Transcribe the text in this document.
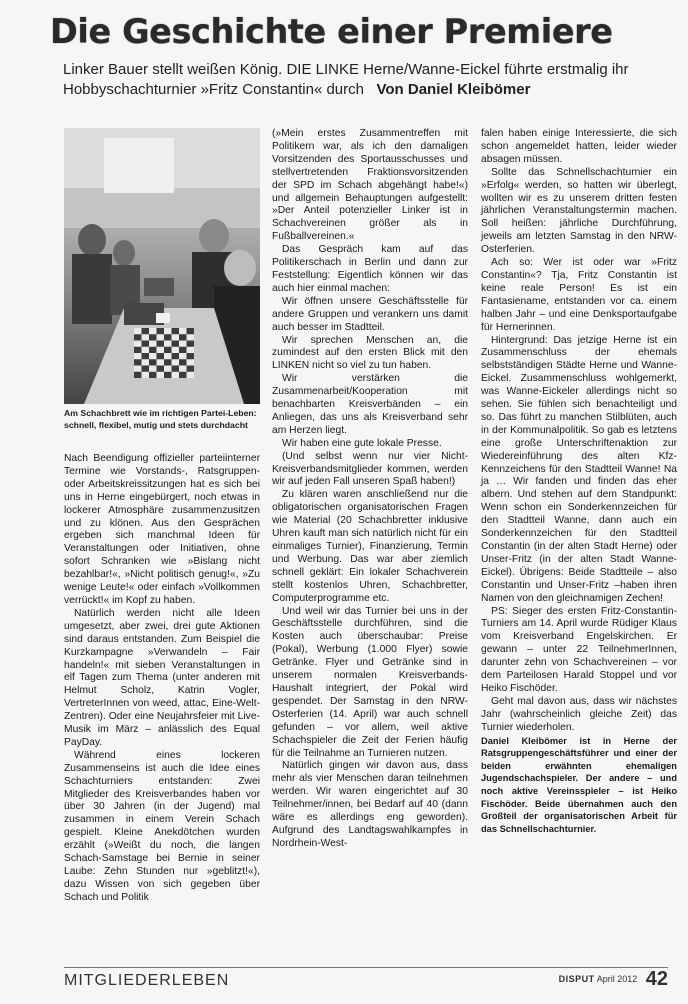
Die Geschichte einer Premiere
Linker Bauer stellt weißen König. DIE LINKE Herne/Wanne-Eickel führte erstmalig ihr
Hobbyschachturnier »Fritz Constantin« durch Von Daniel Kleibömer
© DIE LINKE Herne/Wanne-Eickel
Am Schachbrett wie im richtigen Partei-Leben: schnell, flexibel, mutig und stets durchdacht

Nach Beendigung offizieller parteiinterner Termine wie Vorstands-, Ratsgruppen- oder Arbeitskreissitzungen hat es sich bei uns in Herne eingebürgert, noch etwas in lockerer Atmosphäre zusammenzusitzen und zu klönen. Aus den Gesprächen ergeben sich manchmal Ideen für Veranstaltungen oder Initiativen, ohne sofort Schranken wie »Bislang nicht bezahlbar!«, »Nicht politisch genug!«, »Zu wenige Leute!« oder einfach »Vollkommen verrückt!« im Kopf zu haben.

Natürlich werden nicht alle Ideen umgesetzt, aber zwei, drei gute Aktionen sind daraus entstanden. Zum Beispiel die Kurzkampagne »Verwandeln – Fair handeln!« mit sieben Veranstaltungen in elf Tagen zum Thema (unter anderen mit Helmut Scholz, Katrin Vogler, VertreterInnen von weed, attac, Eine-Welt-Zentren). Oder eine Neujahrsfeier mit Live-Musik im März – anlässlich des Equal PayDay.

Während eines lockeren Zusammenseins ist auch die Idee eines Schachturniers entstanden: Zwei Mitglieder des Kreisverbandes haben vor über 30 Jahren (in der Jugend) mal zusammen in einem Verein Schach gespielt. Kleine Anekdötchen wurden erzählt (»Weißt du noch, die langen Schach-Samstage bei Bernie in seiner Laube: Zehn Stunden nur »geblitzt!«), dazu Wissen von sich gegeben über Schach und Politik

(»Mein erstes Zusammentreffen mit Politikern war, als ich den damaligen Vorsitzenden des Sportausschusses und stellvertretenden Fraktionsvorsitzenden der SPD im Schach abgehängt habe!«) und allgemein Behauptungen aufgestellt: »Der Anteil potenzieller Linker ist in Schachvereinen größer als in Fußballvereinen.«

Das Gespräch kam auf das Politikerschach in Berlin und dann zur Feststellung: Eigentlich können wir das auch hier einmal machen:

Wir öffnen unsere Geschäftsstelle für andere Gruppen und verankern uns damit auch besser im Stadtteil.

Wir sprechen Menschen an, die zumindest auf den ersten Blick mit den LINKEN nicht so viel zu tun haben.

Wir verstärken die Zusammenarbeit/Kooperation mit benachbarten Kreisverbänden – ein Anliegen, das uns als Kreisverband sehr am Herzen liegt.

Wir haben eine gute lokale Presse.

(Und selbst wenn nur vier Nicht-Kreisverbandsmitglieder kommen, werden wir auf jeden Fall unseren Spaß haben!)

Zu klären waren anschließend nur die obligatorischen organisatorischen Fragen wie Material (20 Schachbretter inklusive Uhren kauft man sich natürlich nicht für ein einmaliges Turnier), Finanzierung, Termin und Werbung. Das war aber ziemlich schnell geklärt: Ein lokaler Schachverein stellt kostenlos Uhren, Schachbretter, Computerprogramme etc.

Und weil wir das Turnier bei uns in der Geschäftsstelle durchführen, sind die Kosten auch überschaubar: Preise (Pokal), Werbung (1.000 Flyer) sowie Getränke. Flyer und Getränke sind in unserem normalen Kreisverbands-Haushalt integriert, der Pokal wird gespendet. Der Samstag in den NRW-Osterferien (14. April) war auch schnell gefunden – vor allem, weil aktive Schachspieler die Zeit der Ferien häufig für die Teilnahme an Turnieren nutzen.

Natürlich gingen wir davon aus, dass mehr als vier Menschen daran teilnehmen werden. Wir waren eingerichtet auf 30 Teilnehmer/innen, bei Bedarf auf 40 (dann wäre es allerdings eng geworden). Aufgrund des Landtagswahlkampfes in Nordrhein-West-

falen haben einige Interessierte, die sich schon angemeldet hatten, leider wieder absagen müssen.

Sollte das Schnellschachturnier ein »Erfolg« werden, so hatten wir überlegt, wollten wir es zu unserem dritten festen jährlichen Veranstaltungstermin machen. Soll heißen: jährliche Durchführung, jeweils am letzten Samstag in den NRW-Osterferien.

Ach so: Wer ist oder war »Fritz Constantin«? Tja, Fritz Constantin ist keine reale Person! Es ist ein Fantasiename, entstanden vor ca. einem halben Jahr – und eine Denksportaufgabe für Hernerinnen.

Hintergrund: Das jetzige Herne ist ein Zusammenschluss der ehemals selbstständigen Städte Herne und Wanne-Eickel. Zusammenschluss wohlgemerkt, was Wanne-Eickeler allerdings nicht so sehen. Sie fühlen sich benachteiligt und so. Das führt zu manchen Stilblüten, auch in der Kommunalpolitik. So gab es letztens eine große Unterschriftenaktion zur Wiedereinführung des alten Kfz-Kennzeichens für den Stadtteil Wanne! Na ja … Wir fanden und finden das eher albern. Und stehen auf dem Standpunkt: Wenn schon ein Sonderkennzeichen für den Stadtteil Wanne, dann auch ein Sonderkennzeichen für den Stadtteil Constantin (in der alten Stadt Herne) oder Unser-Fritz (in der alten Stadt Wanne-Eickel). Übrigens: Beide Stadtteile – also Constantin und Unser-Fritz –haben ihren Namen von den gleichnamigen Zechen!

PS: Sieger des ersten Fritz-Constantin-Turniers am 14. April wurde Rüdiger Klaus vom Kreisverband Engelskirchen. Er gewann – unter 22 TeilnehmerInnen, darunter zehn von Schachvereinen – vor dem Parteilosen Harald Stoppel und vor Heiko Fischöder.

Geht mal davon aus, dass wir nächstes Jahr (wahrscheinlich gleiche Zeit) das Turnier wiederholen.

Daniel Kleibömer ist in Herne der Ratsgruppengeschäftsführer und einer der beiden erwähnten ehemaligen Jugendschachspieler. Der andere – und noch aktive Vereinsspieler – ist Heiko Fischöder. Beide übernahmen auch den Großteil der organisatorischen Arbeit für das Schnellschachturnier.

MITGLIEDERLEBEN	DISPUT April 2012 42
